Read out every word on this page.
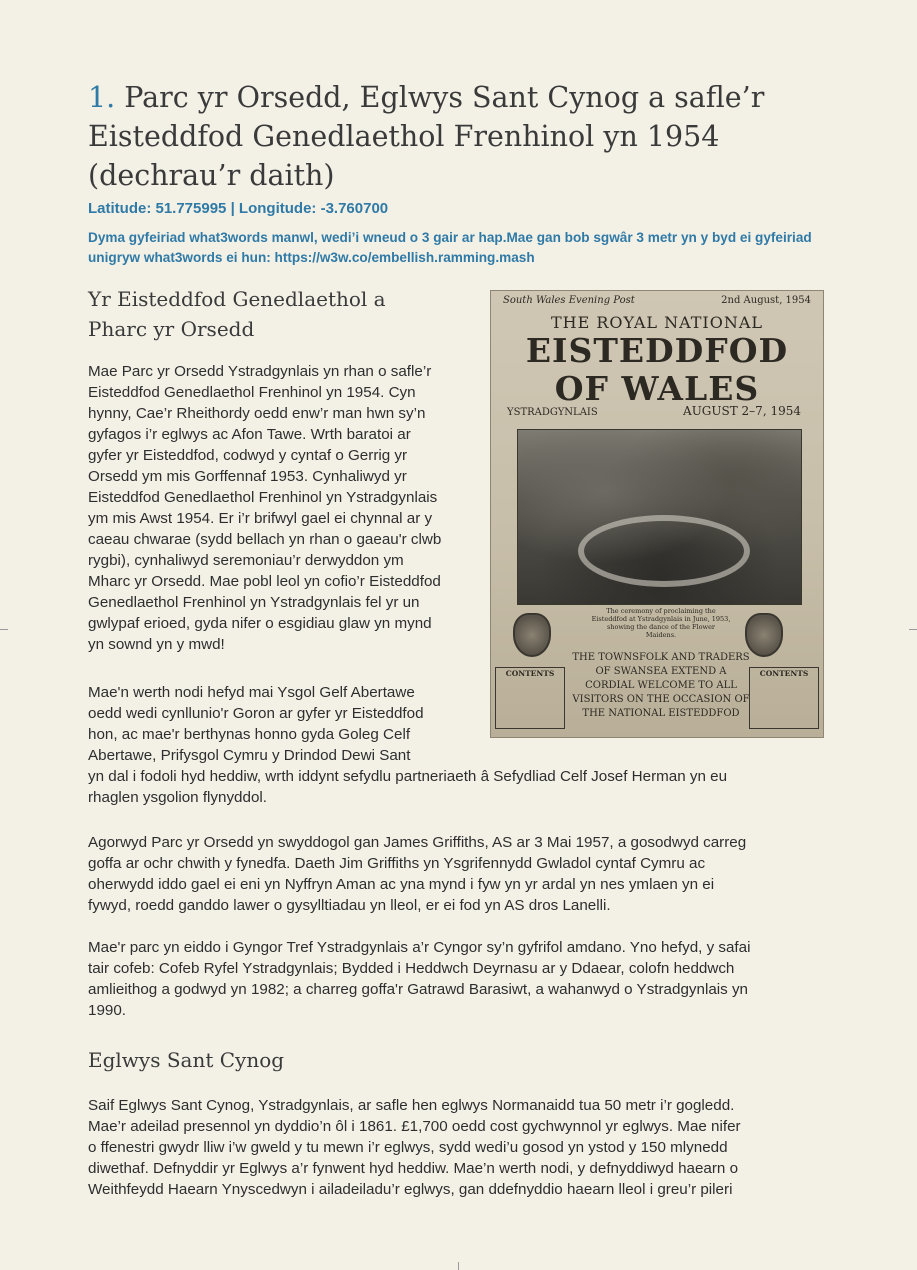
1. Parc yr Orsedd, Eglwys Sant Cynog a safle’r
Eisteddfod Genedlaethol Frenhinol yn 1954
(dechrau’r daith)
Latitude: 51.775995 | Longitude: -3.760700
Dyma gyfeiriad what3words manwl, wedi’i wneud o 3 gair ar hap.Mae gan bob sgwâr 3 metr yn y byd ei gyfeiriad unigryw what3words ei hun: https://w3w.co/embellish.ramming.mash
Yr Eisteddfod Genedlaethol a
Pharc yr Orsedd
Mae Parc yr Orsedd Ystradgynlais yn rhan o safle’r
Eisteddfod Genedlaethol Frenhinol yn 1954. Cyn
hynny, Cae’r Rheithordy oedd enw’r man hwn sy’n
gyfagos i’r eglwys ac Afon Tawe. Wrth baratoi ar
gyfer yr Eisteddfod, codwyd y cyntaf o Gerrig yr
Orsedd ym mis Gorffennaf 1953. Cynhaliwyd yr
Eisteddfod Genedlaethol Frenhinol yn Ystradgynlais
ym mis Awst 1954. Er i’r brifwyl gael ei chynnal ar y
caeau chwarae (sydd bellach yn rhan o gaeau'r clwb
rygbi), cynhaliwyd seremoniau’r derwyddon ym
Mharc yr Orsedd. Mae pobl leol yn cofio’r Eisteddfod
Genedlaethol Frenhinol yn Ystradgynlais fel yr un
gwlypaf erioed, gyda nifer o esgidiau glaw yn mynd
yn sownd yn y mwd!
Mae'n werth nodi hefyd mai Ysgol Gelf Abertawe
oedd wedi cynllunio'r Goron ar gyfer yr Eisteddfod
hon, ac mae'r berthynas honno gyda Goleg Celf
Abertawe, Prifysgol Cymru y Drindod Dewi Sant
yn dal i fodoli hyd heddiw, wrth iddynt sefydlu partneriaeth â Sefydliad Celf Josef Herman yn eu
rhaglen ysgolion flynyddol.
Agorwyd Parc yr Orsedd yn swyddogol gan James Griffiths, AS ar 3 Mai 1957, a gosodwyd carreg
goffa ar ochr chwith y fynedfa. Daeth Jim Griffiths yn Ysgrifennydd Gwladol cyntaf Cymru ac
oherwydd iddo gael ei eni yn Nyffryn Aman ac yna mynd i fyw yn yr ardal yn nes ymlaen yn ei
fywyd, roedd ganddo lawer o gysylltiadau yn lleol, er ei fod yn AS dros Lanelli.
Mae'r parc yn eiddo i Gyngor Tref Ystradgynlais a’r Cyngor sy’n gyfrifol amdano. Yno hefyd, y safai
tair cofeb: Cofeb Ryfel Ystradgynlais; Bydded i Heddwch Deyrnasu ar y Ddaear, colofn heddwch
amlieithog a godwyd yn 1982; a charreg goffa'r Gatrawd Barasiwt, a wahanwyd o Ystradgynlais yn
1990.
Eglwys Sant Cynog
Saif Eglwys Sant Cynog, Ystradgynlais, ar safle hen eglwys Normanaidd tua 50 metr i’r gogledd.
Mae’r adeilad presennol yn dyddio’n ôl i 1861. £1,700 oedd cost gychwynnol yr eglwys. Mae nifer
o ffenestri gwydr lliw i’w gweld y tu mewn i’r eglwys, sydd wedi’u gosod yn ystod y 150 mlynedd
diwethaf. Defnyddir yr Eglwys a’r fynwent hyd heddiw. Mae’n werth nodi, y defnyddiwyd haearn o
Weithfeydd Haearn Ynyscedwyn i ailadeiladu’r eglwys, gan ddefnyddio haearn lleol i greu’r pileri
South Wales Evening Post	2nd August, 1954
THE ROYAL NATIONAL
EISTEDDFOD
OF WALES
YSTRADGYNLAIS	AUGUST 2–7, 1954
The ceremony of proclaiming the Eisteddfod at Ystradgynlais in June, 1953, showing the dance of the Flower Maidens.
THE TOWNSFOLK AND TRADERS OF SWANSEA EXTEND A CORDIAL WELCOME TO ALL VISITORS ON THE OCCASION OF THE NATIONAL EISTEDDFOD
CONTENTS	CONTENTS
